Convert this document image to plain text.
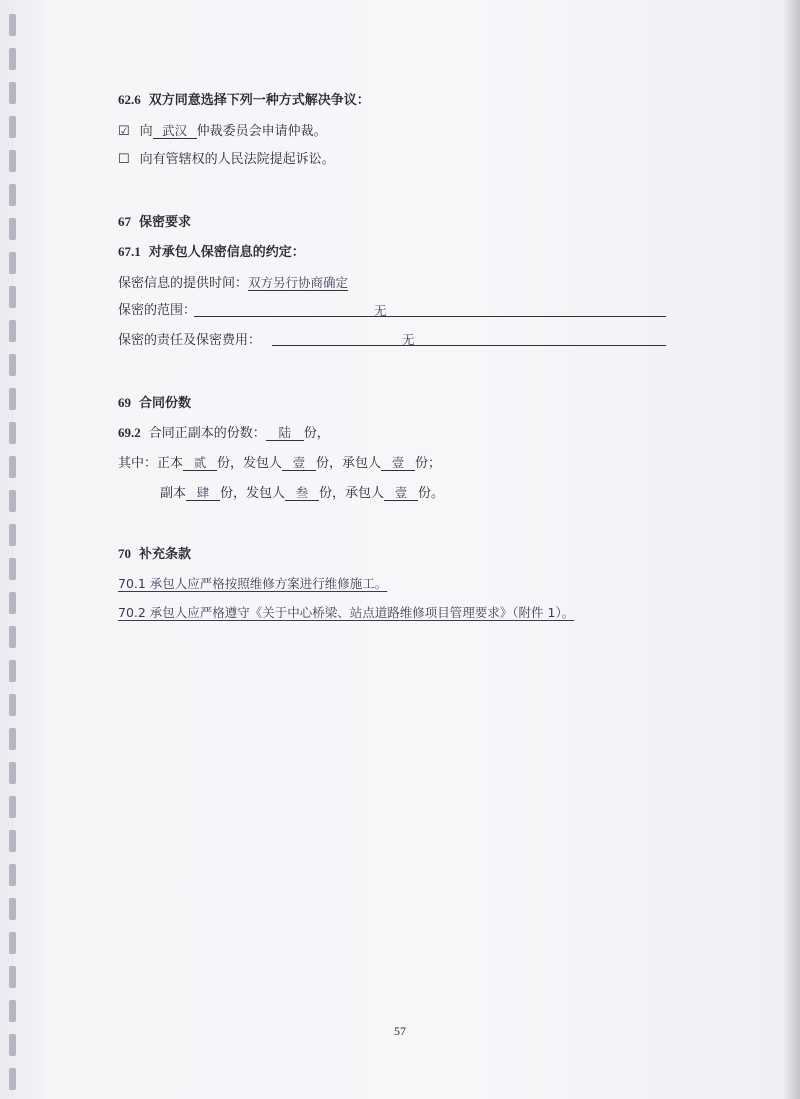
62.6 双方同意选择下列一种方式解决争议：
☑ 向 武汉 仲裁委员会申请仲裁。
☐ 向有管辖权的人民法院提起诉讼。
67 保密要求
67.1 对承包人保密信息的约定：
保密信息的提供时间：双方另行协商确定
保密的范围：	无
保密的责任及保密费用：	无
69 合同份数
69.2 合同正副本的份数： 陆 份，
其中：正本 贰 份，发包人 壹 份，承包人 壹 份；
副本 肆 份，发包人 叁 份，承包人 壹 份。
70 补充条款
70.1 承包人应严格按照维修方案进行维修施工。
70.2 承包人应严格遵守《关于中心桥梁、站点道路维修项目管理要求》（附件 1）。
57
